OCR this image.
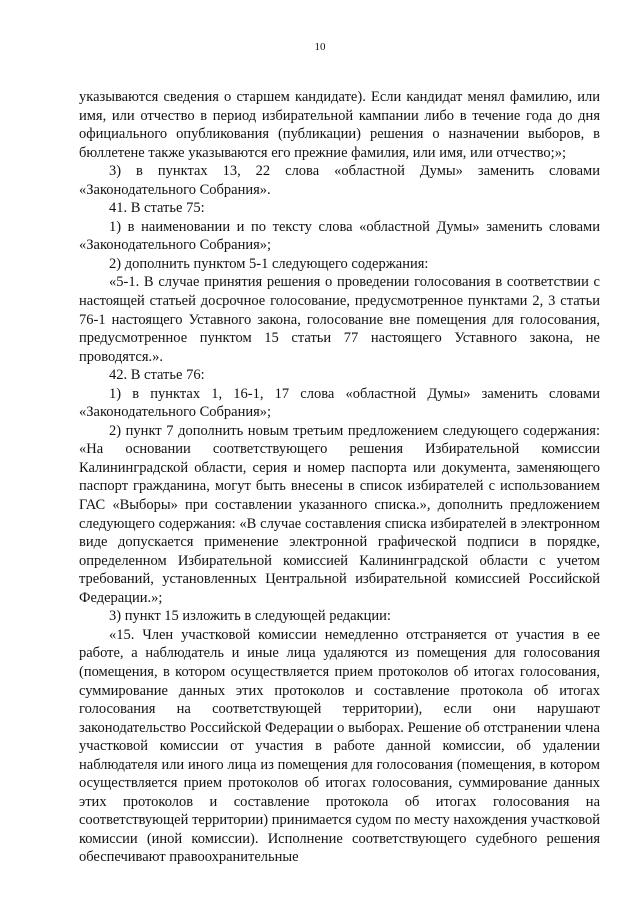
10

указываются сведения о старшем кандидате). Если кандидат менял фамилию, или имя, или отчество в период избирательной кампании либо в течение года до дня официального опубликования (публикации) решения о назначении выборов, в бюллетене также указываются его прежние фамилия, или имя, или отчество;»;

3) в пунктах 13, 22 слова «областной Думы» заменить словами «Законодательного Собрания».

41. В статье 75:

1) в наименовании и по тексту слова «областной Думы» заменить словами «Законодательного Собрания»;

2) дополнить пунктом 5-1 следующего содержания:

«5-1. В случае принятия решения о проведении голосования в соответствии с настоящей статьей досрочное голосование, предусмотренное пунктами 2, 3 статьи 76-1 настоящего Уставного закона, голосование вне помещения для голосования, предусмотренное пунктом 15 статьи 77 настоящего Уставного закона, не проводятся.».

42. В статье 76:

1) в пунктах 1, 16-1, 17 слова «областной Думы» заменить словами «Законодательного Собрания»;

2) пункт 7 дополнить новым третьим предложением следующего содержания: «На основании соответствующего решения Избирательной комиссии Калининградской области, серия и номер паспорта или документа, заменяющего паспорт гражданина, могут быть внесены в список избирателей с использованием ГАС «Выборы» при составлении указанного списка.», дополнить предложением следующего содержания: «В случае составления списка избирателей в электронном виде допускается применение электронной графической подписи в порядке, определенном Избирательной комиссией Калининградской области с учетом требований, установленных Центральной избирательной комиссией Российской Федерации.»;

3) пункт 15 изложить в следующей редакции:

«15. Член участковой комиссии немедленно отстраняется от участия в ее работе, а наблюдатель и иные лица удаляются из помещения для голосования (помещения, в котором осуществляется прием протоколов об итогах голосования, суммирование данных этих протоколов и составление протокола об итогах голосования на соответствующей территории), если они нарушают законодательство Российской Федерации о выборах. Решение об отстранении члена участковой комиссии от участия в работе данной комиссии, об удалении наблюдателя или иного лица из помещения для голосования (помещения, в котором осуществляется прием протоколов об итогах голосования, суммирование данных этих протоколов и составление протокола об итогах голосования на соответствующей территории) принимается судом по месту нахождения участковой комиссии (иной комиссии). Исполнение соответствующего судебного решения обеспечивают правоохранительные
